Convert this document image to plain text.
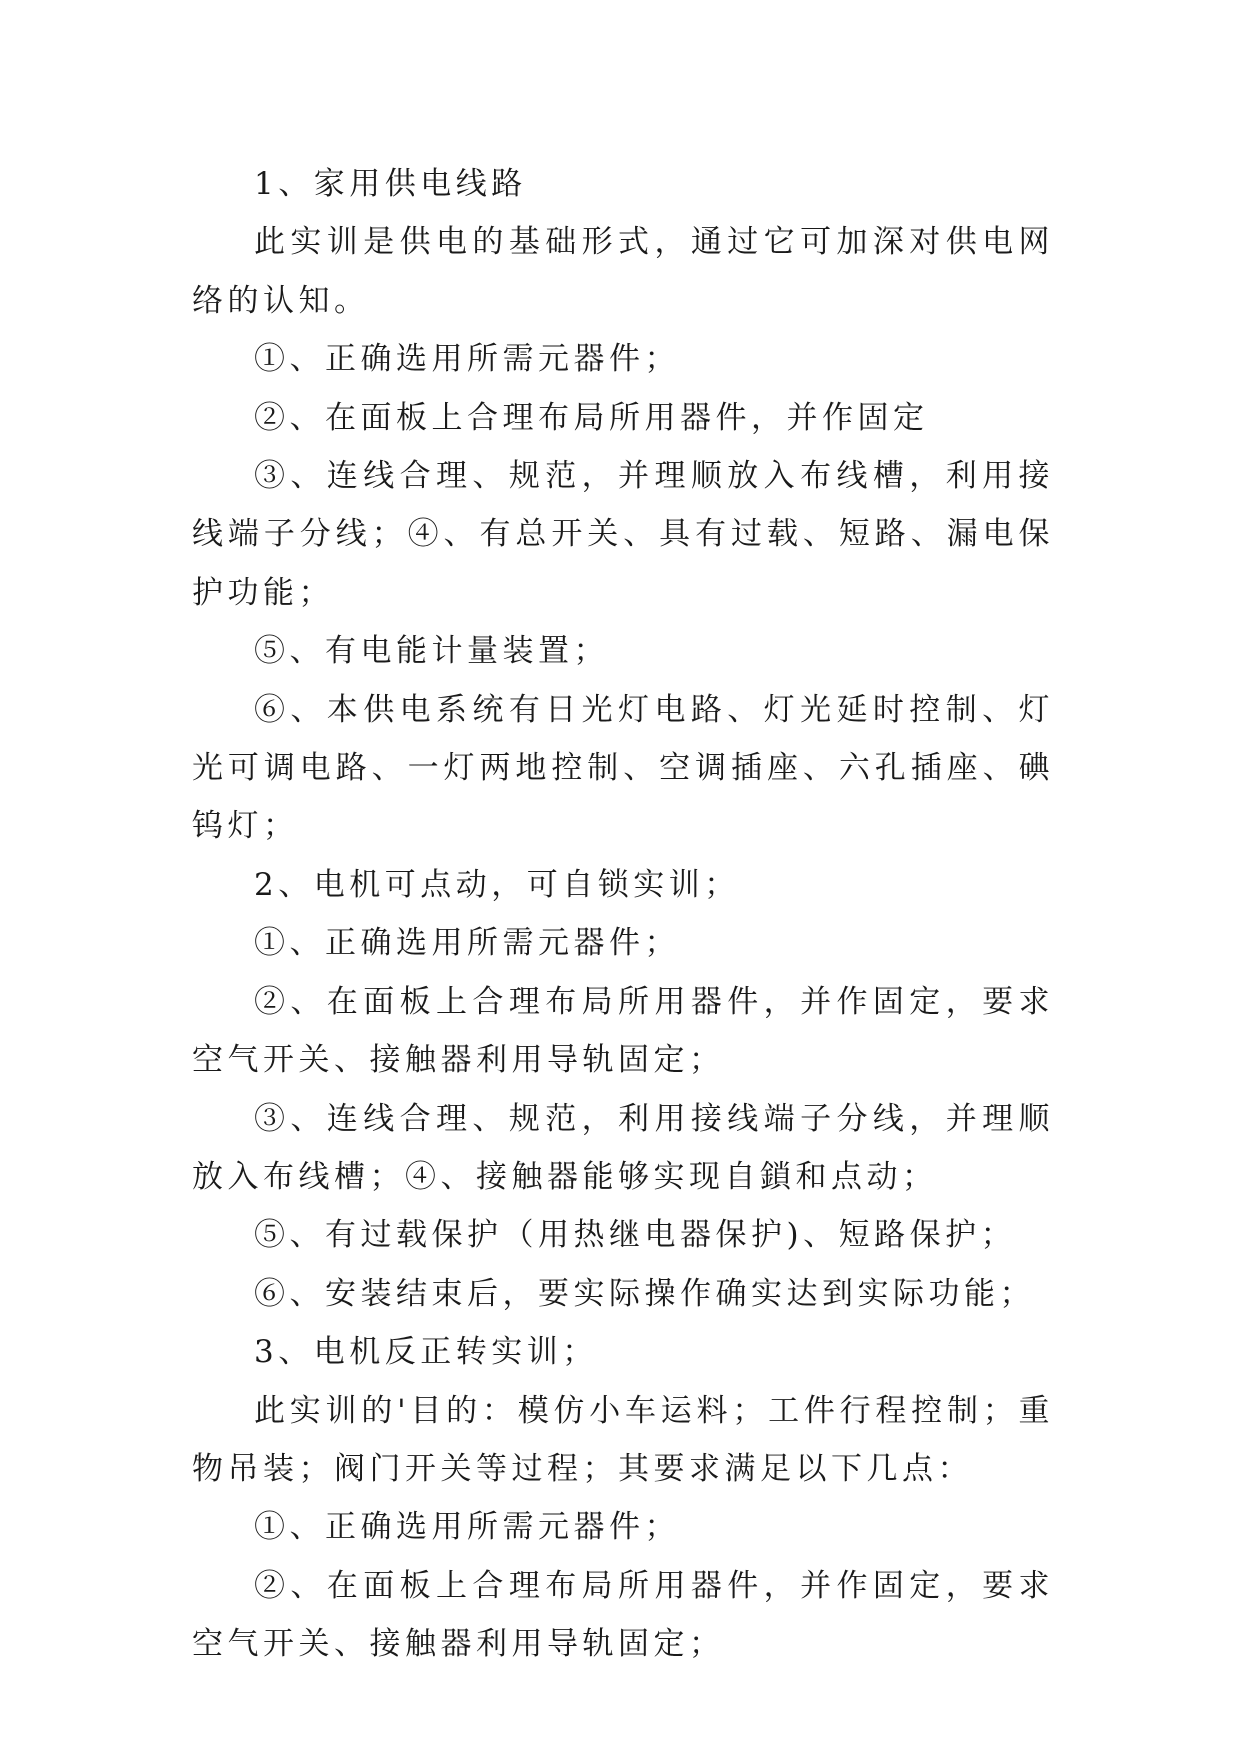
1、家用供电线路

此实训是供电的基础形式，通过它可加深对供电网络的认知。

①、正确选用所需元器件；

②、在面板上合理布局所用器件，并作固定

③、连线合理、规范，并理顺放入布线槽，利用接线端子分线；④、有总开关、具有过载、短路、漏电保护功能；

⑤、有电能计量装置；

⑥、本供电系统有日光灯电路、灯光延时控制、灯光可调电路、一灯两地控制、空调插座、六孔插座、碘钨灯；

2、电机可点动，可自锁实训；

①、正确选用所需元器件；

②、在面板上合理布局所用器件，并作固定，要求空气开关、接触器利用导轨固定；

③、连线合理、规范，利用接线端子分线，并理顺放入布线槽；④、接触器能够实现自鎖和点动；

⑤、有过载保护（用热继电器保护)、短路保护；

⑥、安装结束后，要实际操作确实达到实际功能；

3、电机反正转实训；

此实训的'目的：模仿小车运料；工件行程控制；重物吊装；阀门开关等过程；其要求满足以下几点：

①、正确选用所需元器件；

②、在面板上合理布局所用器件，并作固定，要求空气开关、接触器利用导轨固定；
